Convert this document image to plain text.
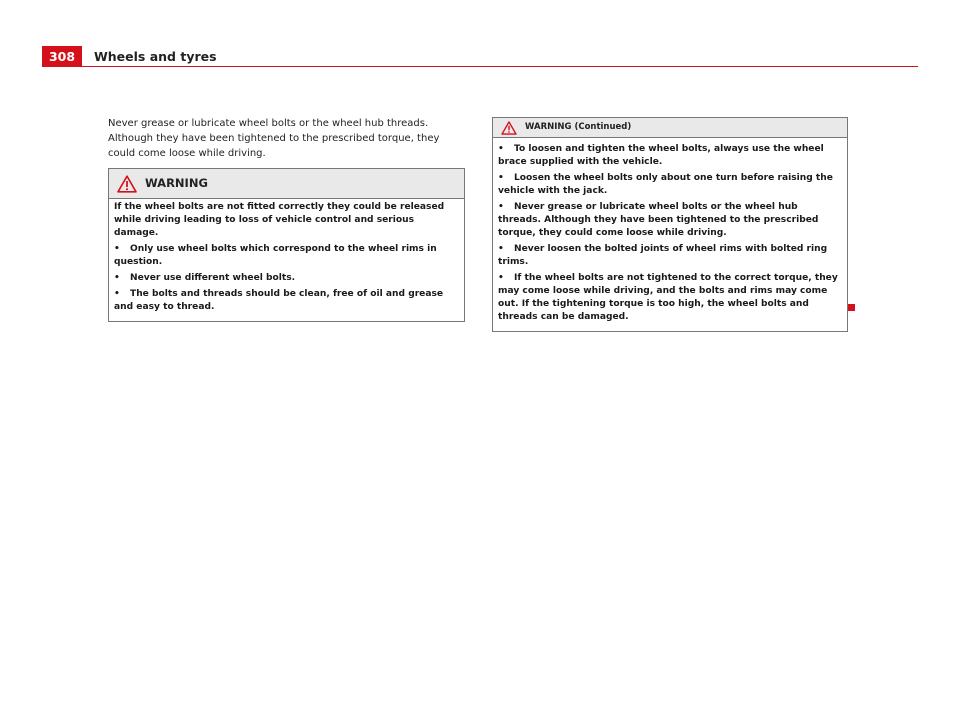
308	Wheels and tyres

Never grease or lubricate wheel bolts or the wheel hub threads. Although they have been tightened to the prescribed torque, they could come loose while driving.

WARNING

If the wheel bolts are not fitted correctly they could be released while driving leading to loss of vehicle control and serious damage.

• Only use wheel bolts which correspond to the wheel rims in question.
• Never use different wheel bolts.
• The bolts and threads should be clean, free of oil and grease and easy to thread.
WARNING (Continued)
• To loosen and tighten the wheel bolts, always use the wheel brace supplied with the vehicle.
• Loosen the wheel bolts only about one turn before raising the vehicle with the jack.
• Never grease or lubricate wheel bolts or the wheel hub threads. Although they have been tightened to the prescribed torque, they could come loose while driving.
• Never loosen the bolted joints of wheel rims with bolted ring trims.
• If the wheel bolts are not tightened to the correct torque, they may come loose while driving, and the bolts and rims may come out. If the tightening torque is too high, the wheel bolts and threads can be damaged.
